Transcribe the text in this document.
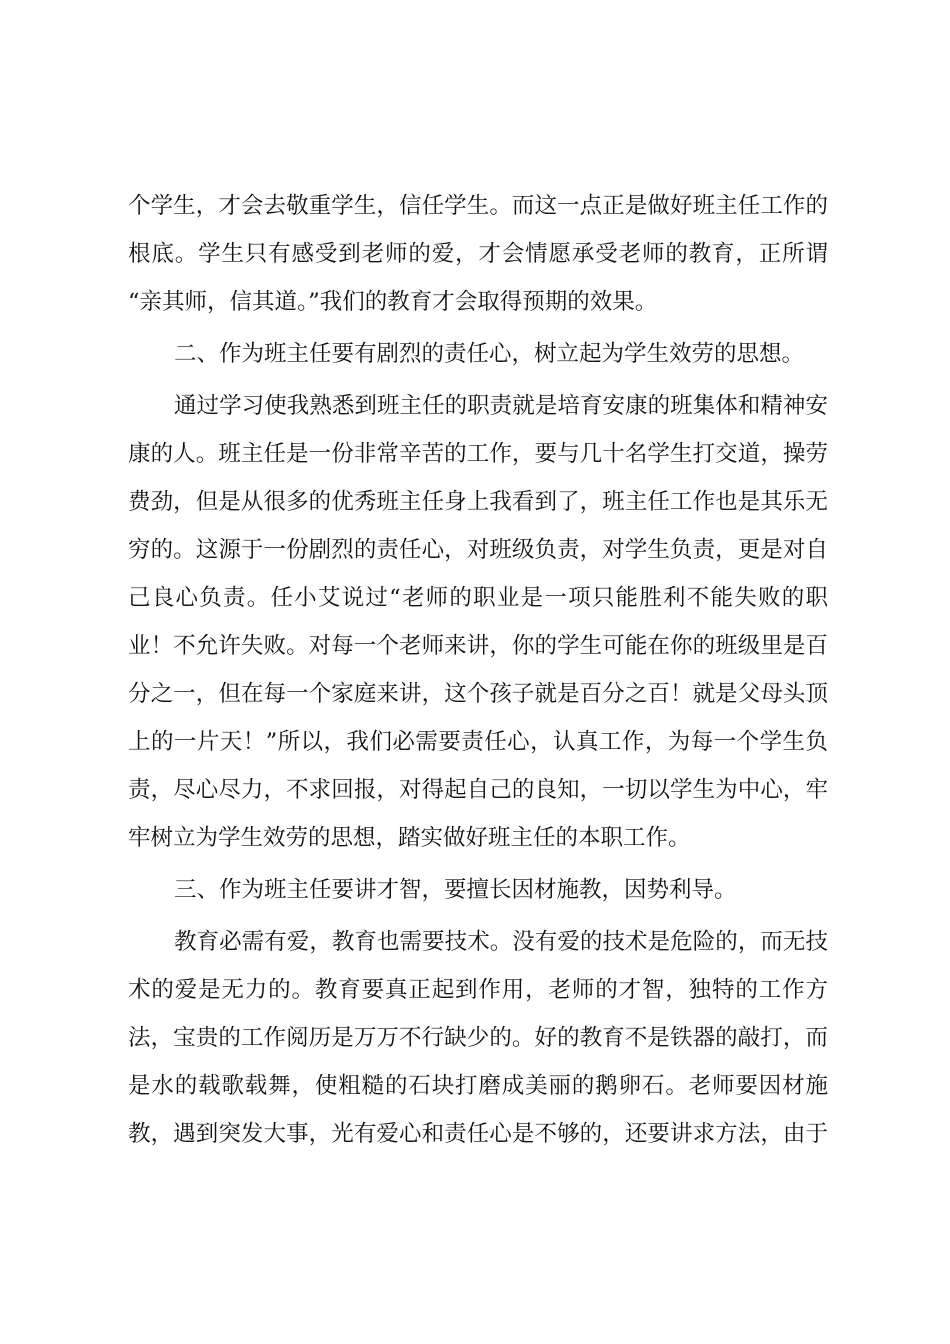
个学生，才会去敬重学生，信任学生。而这一点正是做好班主任工作的
根底。学生只有感受到老师的爱，才会情愿承受老师的教育，正所谓
“亲其师，信其道。”我们的教育才会取得预期的效果。
二、作为班主任要有剧烈的责任心，树立起为学生效劳的思想。
通过学习使我熟悉到班主任的职责就是培育安康的班集体和精神安
康的人。班主任是一份非常辛苦的工作，要与几十名学生打交道，操劳
费劲，但是从很多的优秀班主任身上我看到了，班主任工作也是其乐无
穷的。这源于一份剧烈的责任心，对班级负责，对学生负责，更是对自
己良心负责。任小艾说过“老师的职业是一项只能胜利不能失败的职
业！不允许失败。对每一个老师来讲，你的学生可能在你的班级里是百
分之一，但在每一个家庭来讲，这个孩子就是百分之百！就是父母头顶
上的一片天！”所以，我们必需要责任心，认真工作，为每一个学生负
责，尽心尽力，不求回报，对得起自己的良知，一切以学生为中心，牢
牢树立为学生效劳的思想，踏实做好班主任的本职工作。
三、作为班主任要讲才智，要擅长因材施教，因势利导。
教育必需有爱，教育也需要技术。没有爱的技术是危险的，而无技
术的爱是无力的。教育要真正起到作用，老师的才智，独特的工作方
法，宝贵的工作阅历是万万不行缺少的。好的教育不是铁器的敲打，而
是水的载歌载舞，使粗糙的石块打磨成美丽的鹅卵石。老师要因材施
教，遇到突发大事，光有爱心和责任心是不够的，还要讲求方法，由于
